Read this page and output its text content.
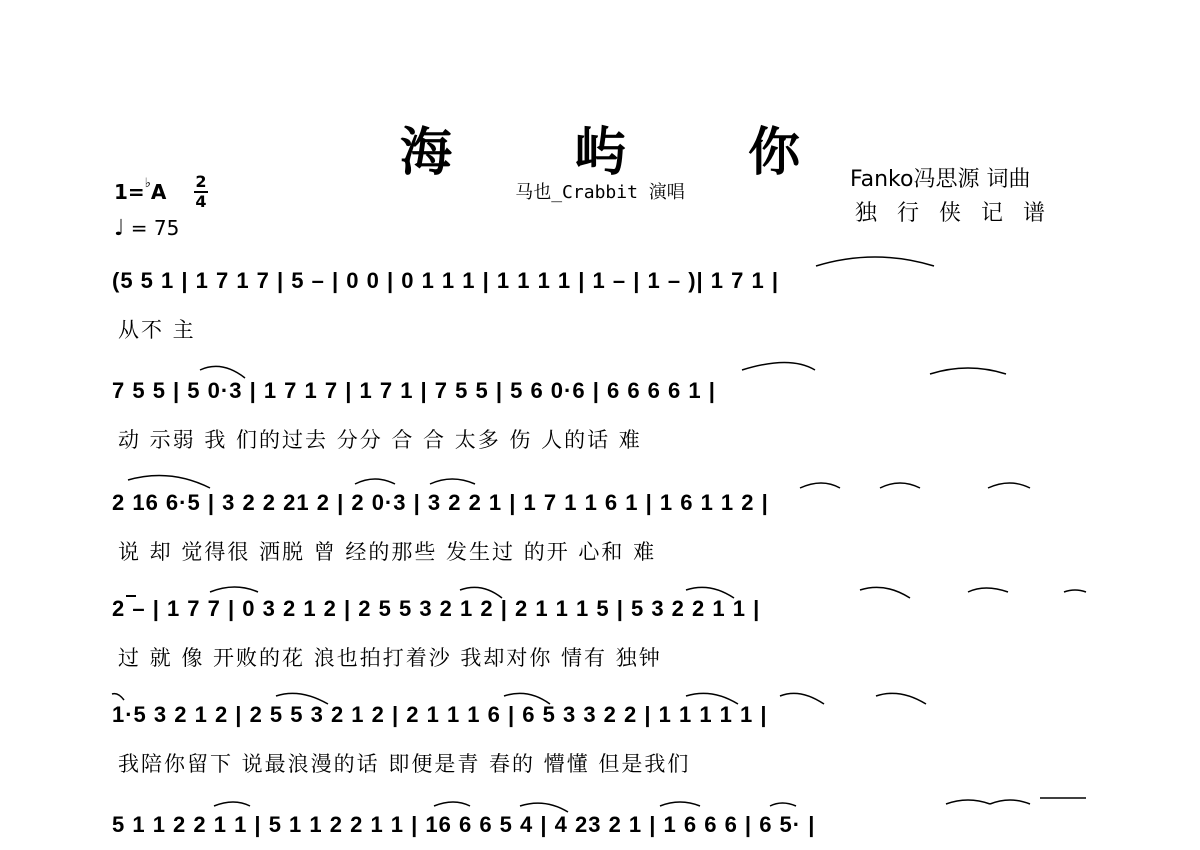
海 屿 你
马也_Crabbit 演唱
Fanko冯思源 词曲
独行侠记谱
1=♭A 2
4
♩ = 75
(5 5 1 | 1 7 1 7 | 5 – | 0 0 | 0 1 1 1 | 1 1 1 1 | 1 – | 1 – )| 1 7 1 |
从不 主
7 5 5 | 5 0·3 | 1 7 1 7 | 1 7 1 | 7 5 5 | 5 6 0·6 | 6 6 6 6 1 |
动 示弱 我 们的过去 分分 合 合 太多 伤 人的话 难
2 16 6·5 | 3 2 2 21 2 | 2 0·3 | 3 2 2 1 | 1 7 1 1 6 1 | 1 6 1 1 2 |
说 却 觉得很 洒脱 曾 经的那些 发生过 的开 心和 难
2 – | 1 7 7 | 0 3 2 1 2 | 2 5 5 3 2 1 2 | 2 1 1 1 5 | 5 3 2 2 1 1 |
过 就 像 开败的花 浪也拍打着沙 我却对你 情有 独钟
1·5 3 2 1 2 | 2 5 5 3 2 1 2 | 2 1 1 1 6 | 6 5 3 3 2 2 | 1 1 1 1 1 |
我陪你留下 说最浪漫的话 即便是青 春的 懵懂 但是我们
5 1 1 2 2 1 1 | 5 1 1 2 2 1 1 | 16 6 6 5 4 | 4 23 2 1 | 1 6 6 6 | 6 5· |
